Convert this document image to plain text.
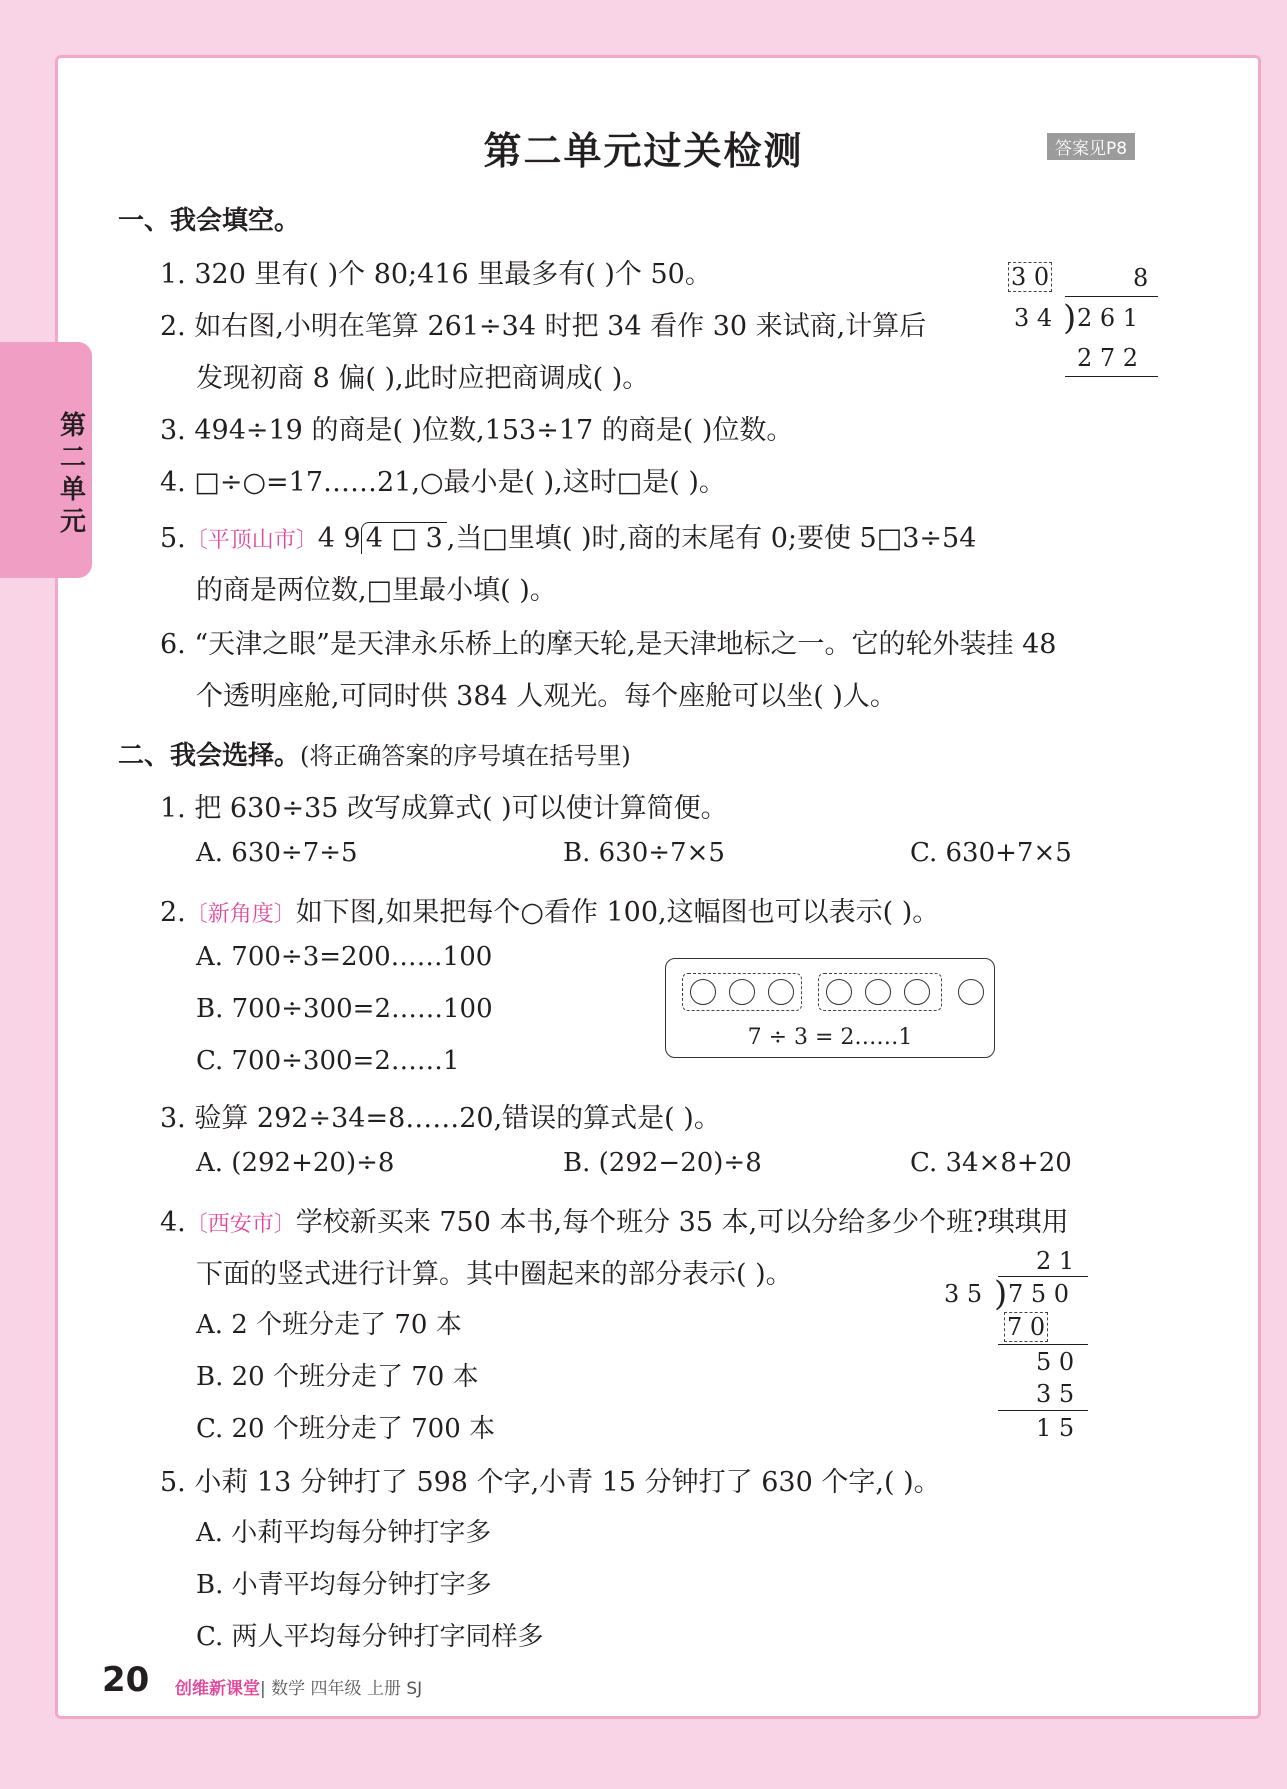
第二单元
第二单元过关检测	答案见P8
一、我会填空。
1. 320 里有( )个 80;416 里最多有( )个 50。
2. 如右图,小明在笔算 261÷34 时把 34 看作 30 来试商,计算后
发现初商 8 偏( ),此时应把商调成( )。
3. 494÷19 的商是( )位数,153÷17 的商是( )位数。
4. □÷○=17……21,○最小是( ),这时□是( )。
5.〔平顶山市〕4 9 4 □ 3 ,当□里填( )时,商的末尾有 0;要使 5□3÷54
的商是两位数,□里最小填( )。
6. “天津之眼”是天津永乐桥上的摩天轮,是天津地标之一。它的轮外装挂 48
个透明座舱,可同时供 384 人观光。每个座舱可以坐( )人。
3 0	8
3 4 ) 2 6 1
2 7 2
二、我会选择。(将正确答案的序号填在括号里)
1. 把 630÷35 改写成算式( )可以使计算简便。
A. 630÷7÷5	B. 630÷7×5	C. 630+7×5
2.〔新角度〕如下图,如果把每个○看作 100,这幅图也可以表示( )。
A. 700÷3=200……100
B. 700÷300=2……100
C. 700÷300=2……1
7 ÷ 3 = 2……1
3. 验算 292÷34=8……20,错误的算式是( )。
A. (292+20)÷8	B. (292−20)÷8	C. 34×8+20
4.〔西安市〕学校新买来 750 本书,每个班分 35 本,可以分给多少个班?琪琪用
下面的竖式进行计算。其中圈起来的部分表示( )。
A. 2 个班分走了 70 本
B. 20 个班分走了 70 本
C. 20 个班分走了 700 本
2 1
3 5 ) 7 5 0
7 0
5 0
3 5
1 5
5. 小莉 13 分钟打了 598 个字,小青 15 分钟打了 630 个字,( )。
A. 小莉平均每分钟打字多
B. 小青平均每分钟打字多
C. 两人平均每分钟打字同样多
20 创维新课堂| 数学 四年级 上册 SJ
